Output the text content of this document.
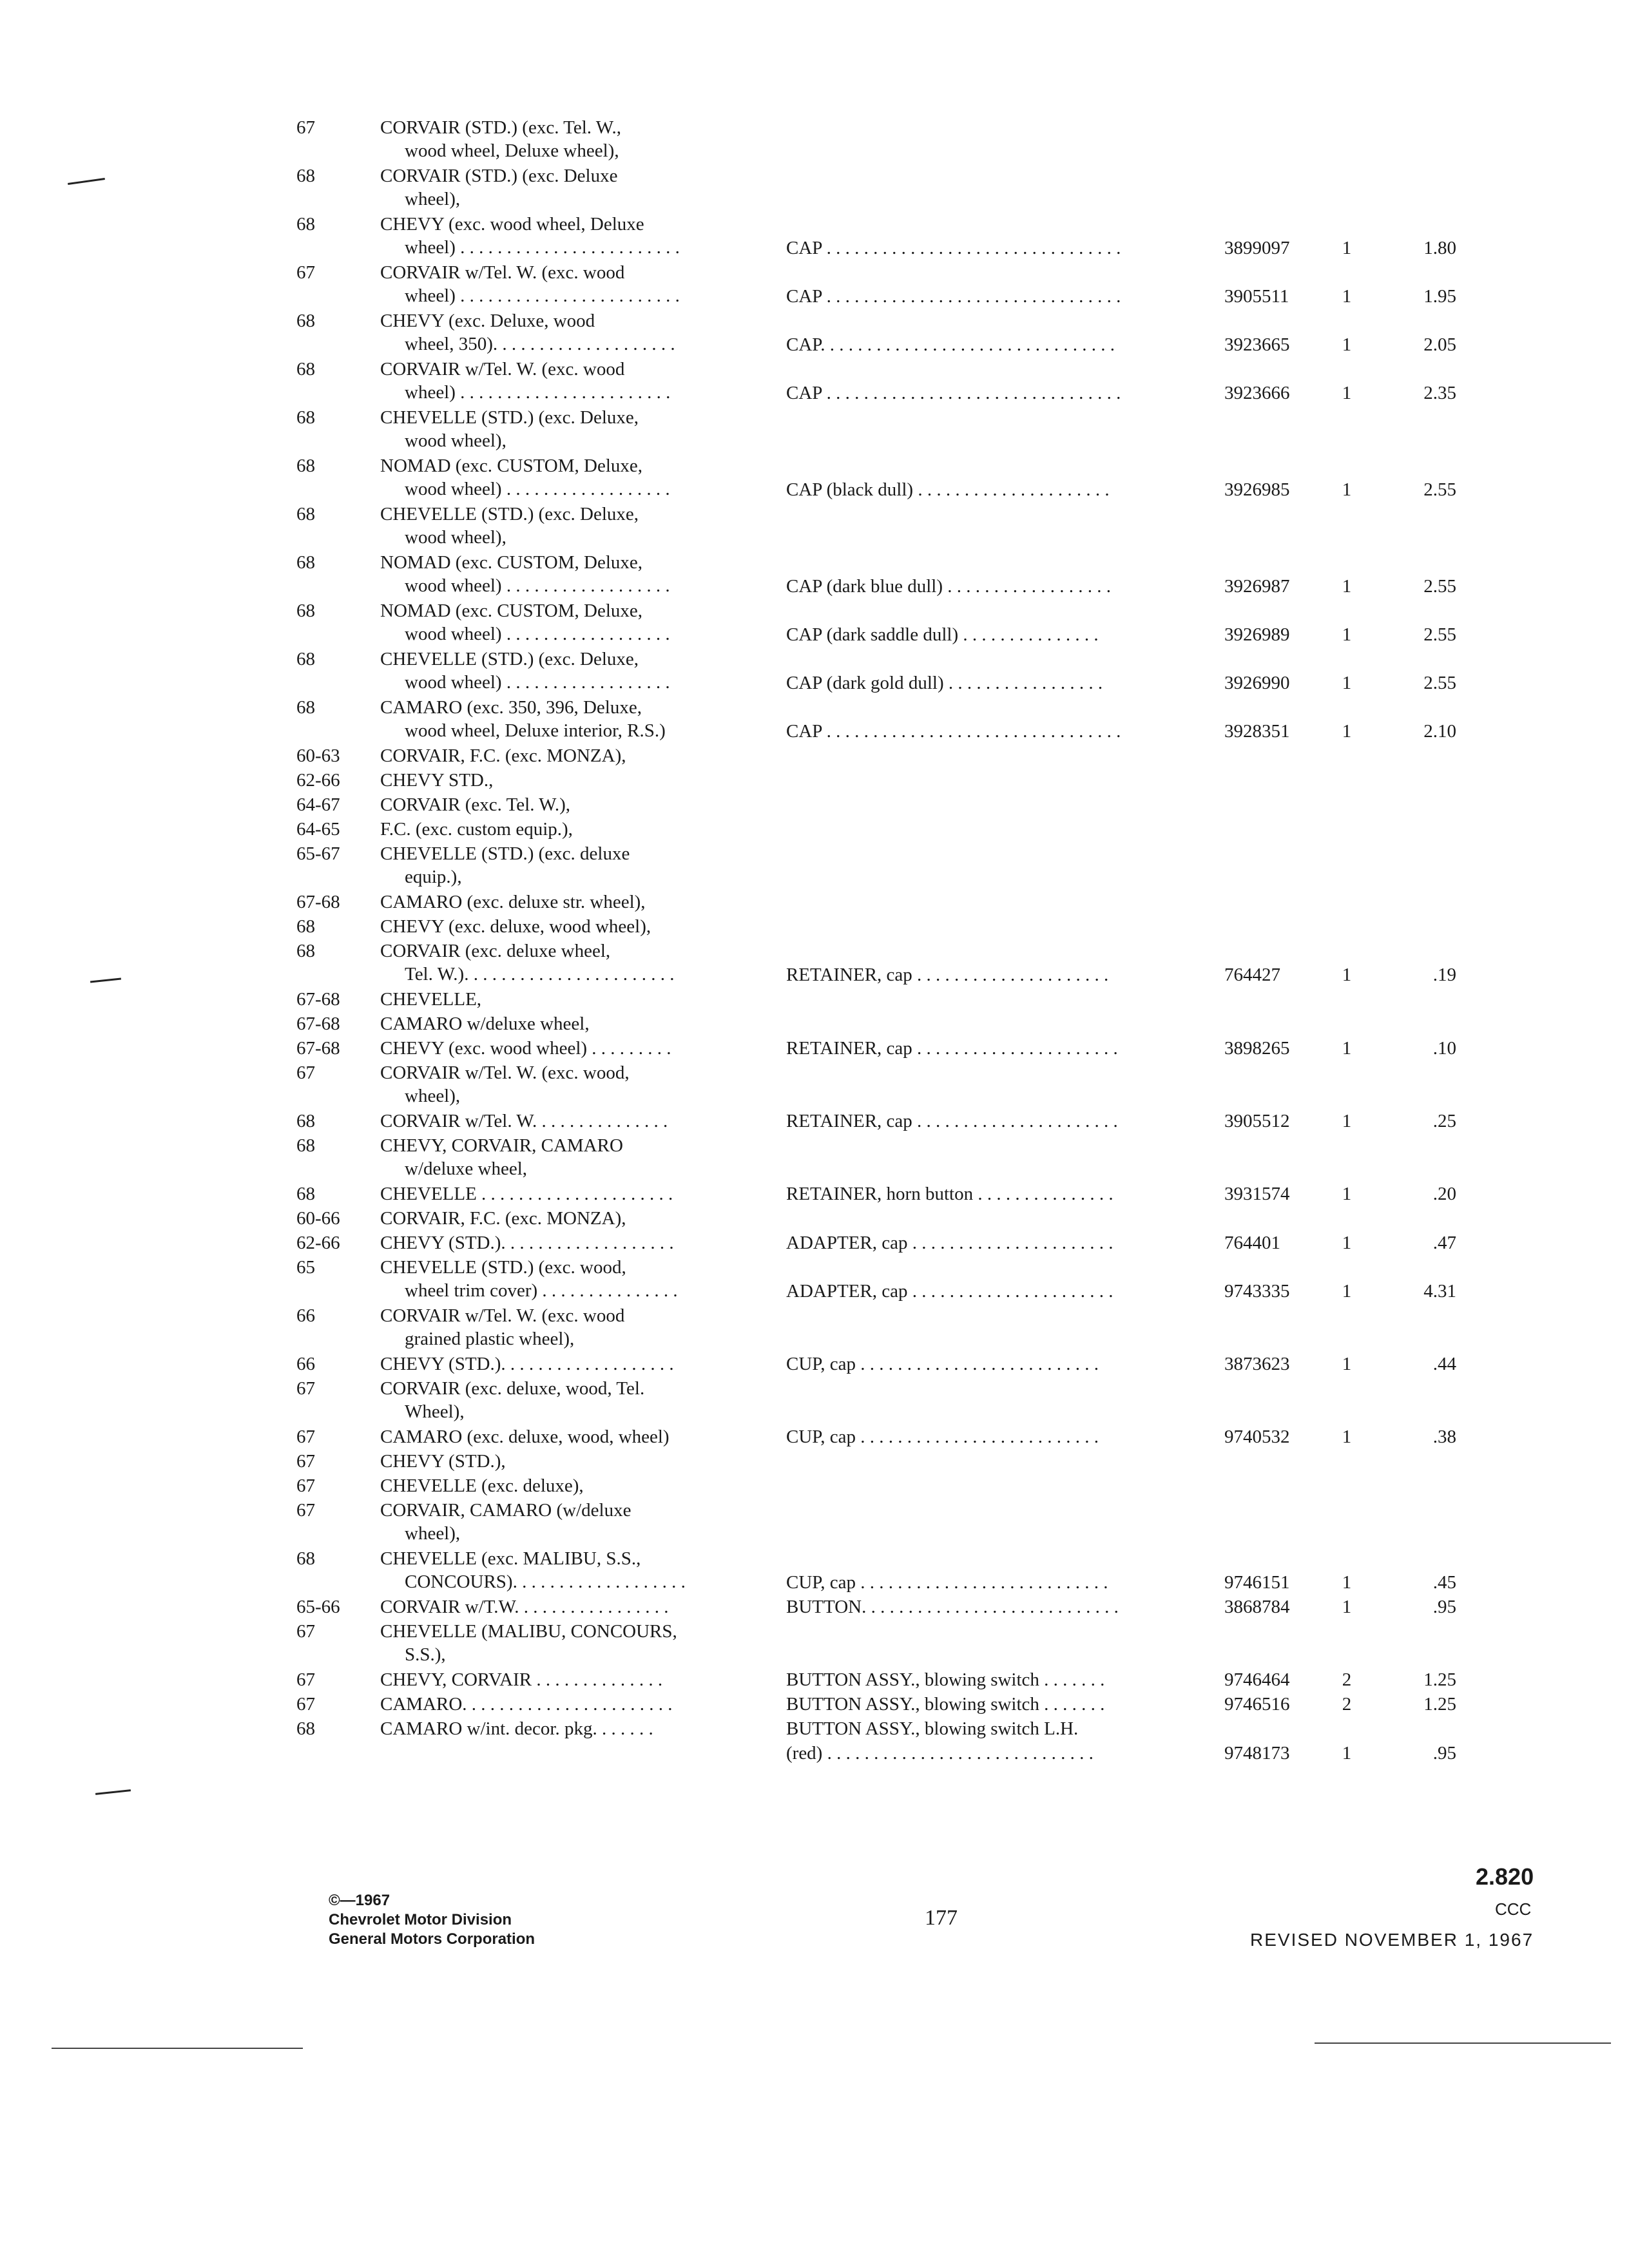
67	CORVAIR (STD.) (exc. Tel. W.,
wood wheel, Deluxe wheel),
68	CORVAIR (STD.) (exc. Deluxe
wheel),
68	CHEVY (exc. wood wheel, Deluxe
wheel) . . . . . . . . . . . . . . . . . . . . . . . .	CAP . . . . . . . . . . . . . . . . . . . . . . . . . . . . . . . .	3899097	1	1.80
67	CORVAIR w/Tel. W. (exc. wood
wheel) . . . . . . . . . . . . . . . . . . . . . . . .	CAP . . . . . . . . . . . . . . . . . . . . . . . . . . . . . . . .	3905511	1	1.95
68	CHEVY (exc. Deluxe, wood
wheel, 350). . . . . . . . . . . . . . . . . . . .	CAP. . . . . . . . . . . . . . . . . . . . . . . . . . . . . . . .	3923665	1	2.05
68	CORVAIR w/Tel. W. (exc. wood
wheel) . . . . . . . . . . . . . . . . . . . . . . .	CAP . . . . . . . . . . . . . . . . . . . . . . . . . . . . . . . .	3923666	1	2.35
68	CHEVELLE (STD.) (exc. Deluxe,
wood wheel),
68	NOMAD (exc. CUSTOM, Deluxe,
wood wheel) . . . . . . . . . . . . . . . . . .	CAP (black dull) . . . . . . . . . . . . . . . . . . . . .	3926985	1	2.55
68	CHEVELLE (STD.) (exc. Deluxe,
wood wheel),
68	NOMAD (exc. CUSTOM, Deluxe,
wood wheel) . . . . . . . . . . . . . . . . . .	CAP (dark blue dull) . . . . . . . . . . . . . . . . . .	3926987	1	2.55
68	NOMAD (exc. CUSTOM, Deluxe,
wood wheel) . . . . . . . . . . . . . . . . . .	CAP (dark saddle dull) . . . . . . . . . . . . . . .	3926989	1	2.55
68	CHEVELLE (STD.) (exc. Deluxe,
wood wheel) . . . . . . . . . . . . . . . . . .	CAP (dark gold dull) . . . . . . . . . . . . . . . . .	3926990	1	2.55
68	CAMARO (exc. 350, 396, Deluxe,
wood wheel, Deluxe interior, R.S.)	CAP . . . . . . . . . . . . . . . . . . . . . . . . . . . . . . . .	3928351	1	2.10
60-63	CORVAIR, F.C. (exc. MONZA),
62-66	CHEVY STD.,
64-67	CORVAIR (exc. Tel. W.),
64-65	F.C. (exc. custom equip.),
65-67	CHEVELLE (STD.) (exc. deluxe
equip.),
67-68	CAMARO (exc. deluxe str. wheel),
68	CHEVY (exc. deluxe, wood wheel),
68	CORVAIR (exc. deluxe wheel,
Tel. W.). . . . . . . . . . . . . . . . . . . . . . .	RETAINER, cap . . . . . . . . . . . . . . . . . . . . .	764427	1	.19
67-68	CHEVELLE,
67-68	CAMARO w/deluxe wheel,
67-68	CHEVY (exc. wood wheel) . . . . . . . . .	RETAINER, cap . . . . . . . . . . . . . . . . . . . . . .	3898265	1	.10
67	CORVAIR w/Tel. W. (exc. wood,
wheel),
68	CORVAIR w/Tel. W. . . . . . . . . . . . . . .	RETAINER, cap . . . . . . . . . . . . . . . . . . . . . .	3905512	1	.25
68	CHEVY, CORVAIR, CAMARO
w/deluxe wheel,
68	CHEVELLE . . . . . . . . . . . . . . . . . . . . .	RETAINER, horn button . . . . . . . . . . . . . . .	3931574	1	.20
60-66	CORVAIR, F.C. (exc. MONZA),
62-66	CHEVY (STD.). . . . . . . . . . . . . . . . . . .	ADAPTER, cap . . . . . . . . . . . . . . . . . . . . . .	764401	1	.47
65	CHEVELLE (STD.) (exc. wood,
wheel trim cover) . . . . . . . . . . . . . . .	ADAPTER, cap . . . . . . . . . . . . . . . . . . . . . .	9743335	1	4.31
66	CORVAIR w/Tel. W. (exc. wood
grained plastic wheel),
66	CHEVY (STD.). . . . . . . . . . . . . . . . . . .	CUP, cap . . . . . . . . . . . . . . . . . . . . . . . . . .	3873623	1	.44
67	CORVAIR (exc. deluxe, wood, Tel.
Wheel),
67	CAMARO (exc. deluxe, wood, wheel)	CUP, cap . . . . . . . . . . . . . . . . . . . . . . . . . .	9740532	1	.38
67	CHEVY (STD.),
67	CHEVELLE (exc. deluxe),
67	CORVAIR, CAMARO (w/deluxe
wheel),
68	CHEVELLE (exc. MALIBU, S.S.,
CONCOURS). . . . . . . . . . . . . . . . . . .	CUP, cap . . . . . . . . . . . . . . . . . . . . . . . . . . .	9746151	1	.45
65-66	CORVAIR w/T.W. . . . . . . . . . . . . . . . .	BUTTON. . . . . . . . . . . . . . . . . . . . . . . . . . . .	3868784	1	.95
67	CHEVELLE (MALIBU, CONCOURS,
S.S.),
67	CHEVY, CORVAIR . . . . . . . . . . . . . .	BUTTON ASSY., blowing switch . . . . . . .	9746464	2	1.25
67	CAMARO. . . . . . . . . . . . . . . . . . . . . . .	BUTTON ASSY., blowing switch . . . . . . .	9746516	2	1.25
68	CAMARO w/int. decor. pkg. . . . . . .	BUTTON ASSY., blowing switch L.H.
(red) . . . . . . . . . . . . . . . . . . . . . . . . . . . . .	9748173	1	.95
©—1967
Chevrolet Motor Division
General Motors Corporation
177
2.820
CCC
REVISED NOVEMBER 1, 1967
